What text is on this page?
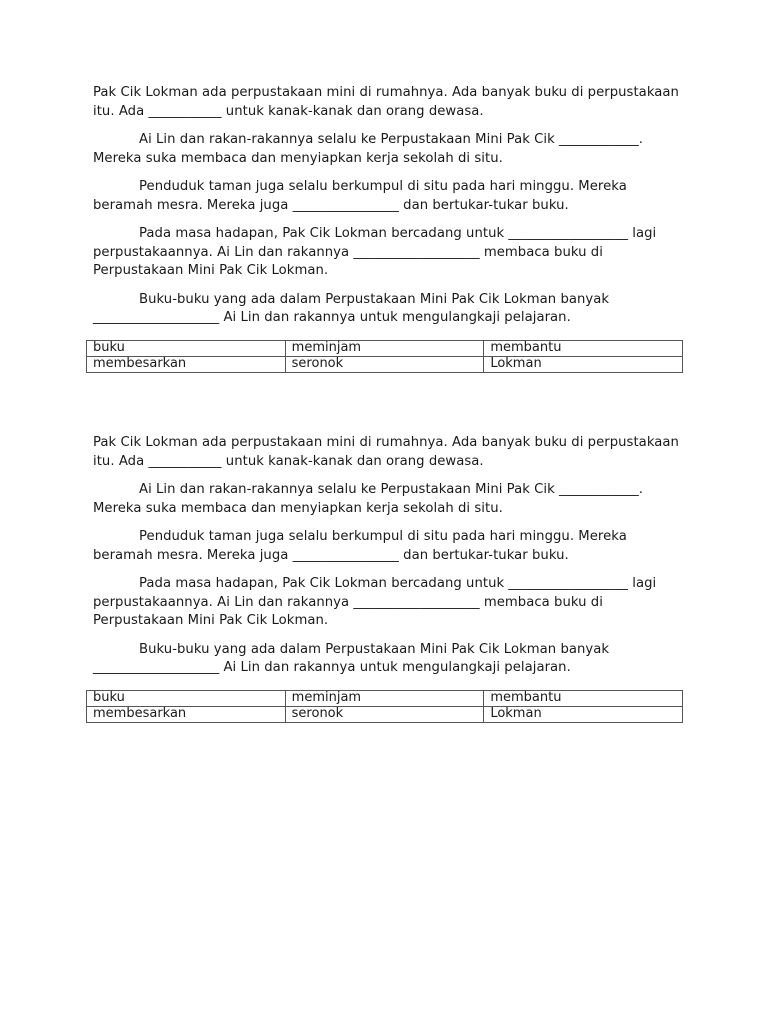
Pak Cik Lokman ada perpustakaan mini di rumahnya. Ada banyak buku di perpustakaan itu. Ada ___________ untuk kanak-kanak dan orang dewasa.

Ai Lin dan rakan-rakannya selalu ke Perpustakaan Mini Pak Cik ____________. Mereka suka membaca dan menyiapkan kerja sekolah di situ.

Penduduk taman juga selalu berkumpul di situ pada hari minggu. Mereka beramah mesra. Mereka juga ________________ dan bertukar-tukar buku.

Pada masa hadapan, Pak Cik Lokman bercadang untuk __________________ lagi perpustakaannya. Ai Lin dan rakannya ___________________ membaca buku di Perpustakaan Mini Pak Cik Lokman.

Buku-buku yang ada dalam Perpustakaan Mini Pak Cik Lokman banyak ___________________ Ai Lin dan rakannya untuk mengulangkaji pelajaran.

buku	meminjam	membantu
membesarkan	seronok	Lokman

Pak Cik Lokman ada perpustakaan mini di rumahnya. Ada banyak buku di perpustakaan itu. Ada ___________ untuk kanak-kanak dan orang dewasa.

Ai Lin dan rakan-rakannya selalu ke Perpustakaan Mini Pak Cik ____________. Mereka suka membaca dan menyiapkan kerja sekolah di situ.

Penduduk taman juga selalu berkumpul di situ pada hari minggu. Mereka beramah mesra. Mereka juga ________________ dan bertukar-tukar buku.

Pada masa hadapan, Pak Cik Lokman bercadang untuk __________________ lagi perpustakaannya. Ai Lin dan rakannya ___________________ membaca buku di Perpustakaan Mini Pak Cik Lokman.

Buku-buku yang ada dalam Perpustakaan Mini Pak Cik Lokman banyak ___________________ Ai Lin dan rakannya untuk mengulangkaji pelajaran.

buku	meminjam	membantu
membesarkan	seronok	Lokman
